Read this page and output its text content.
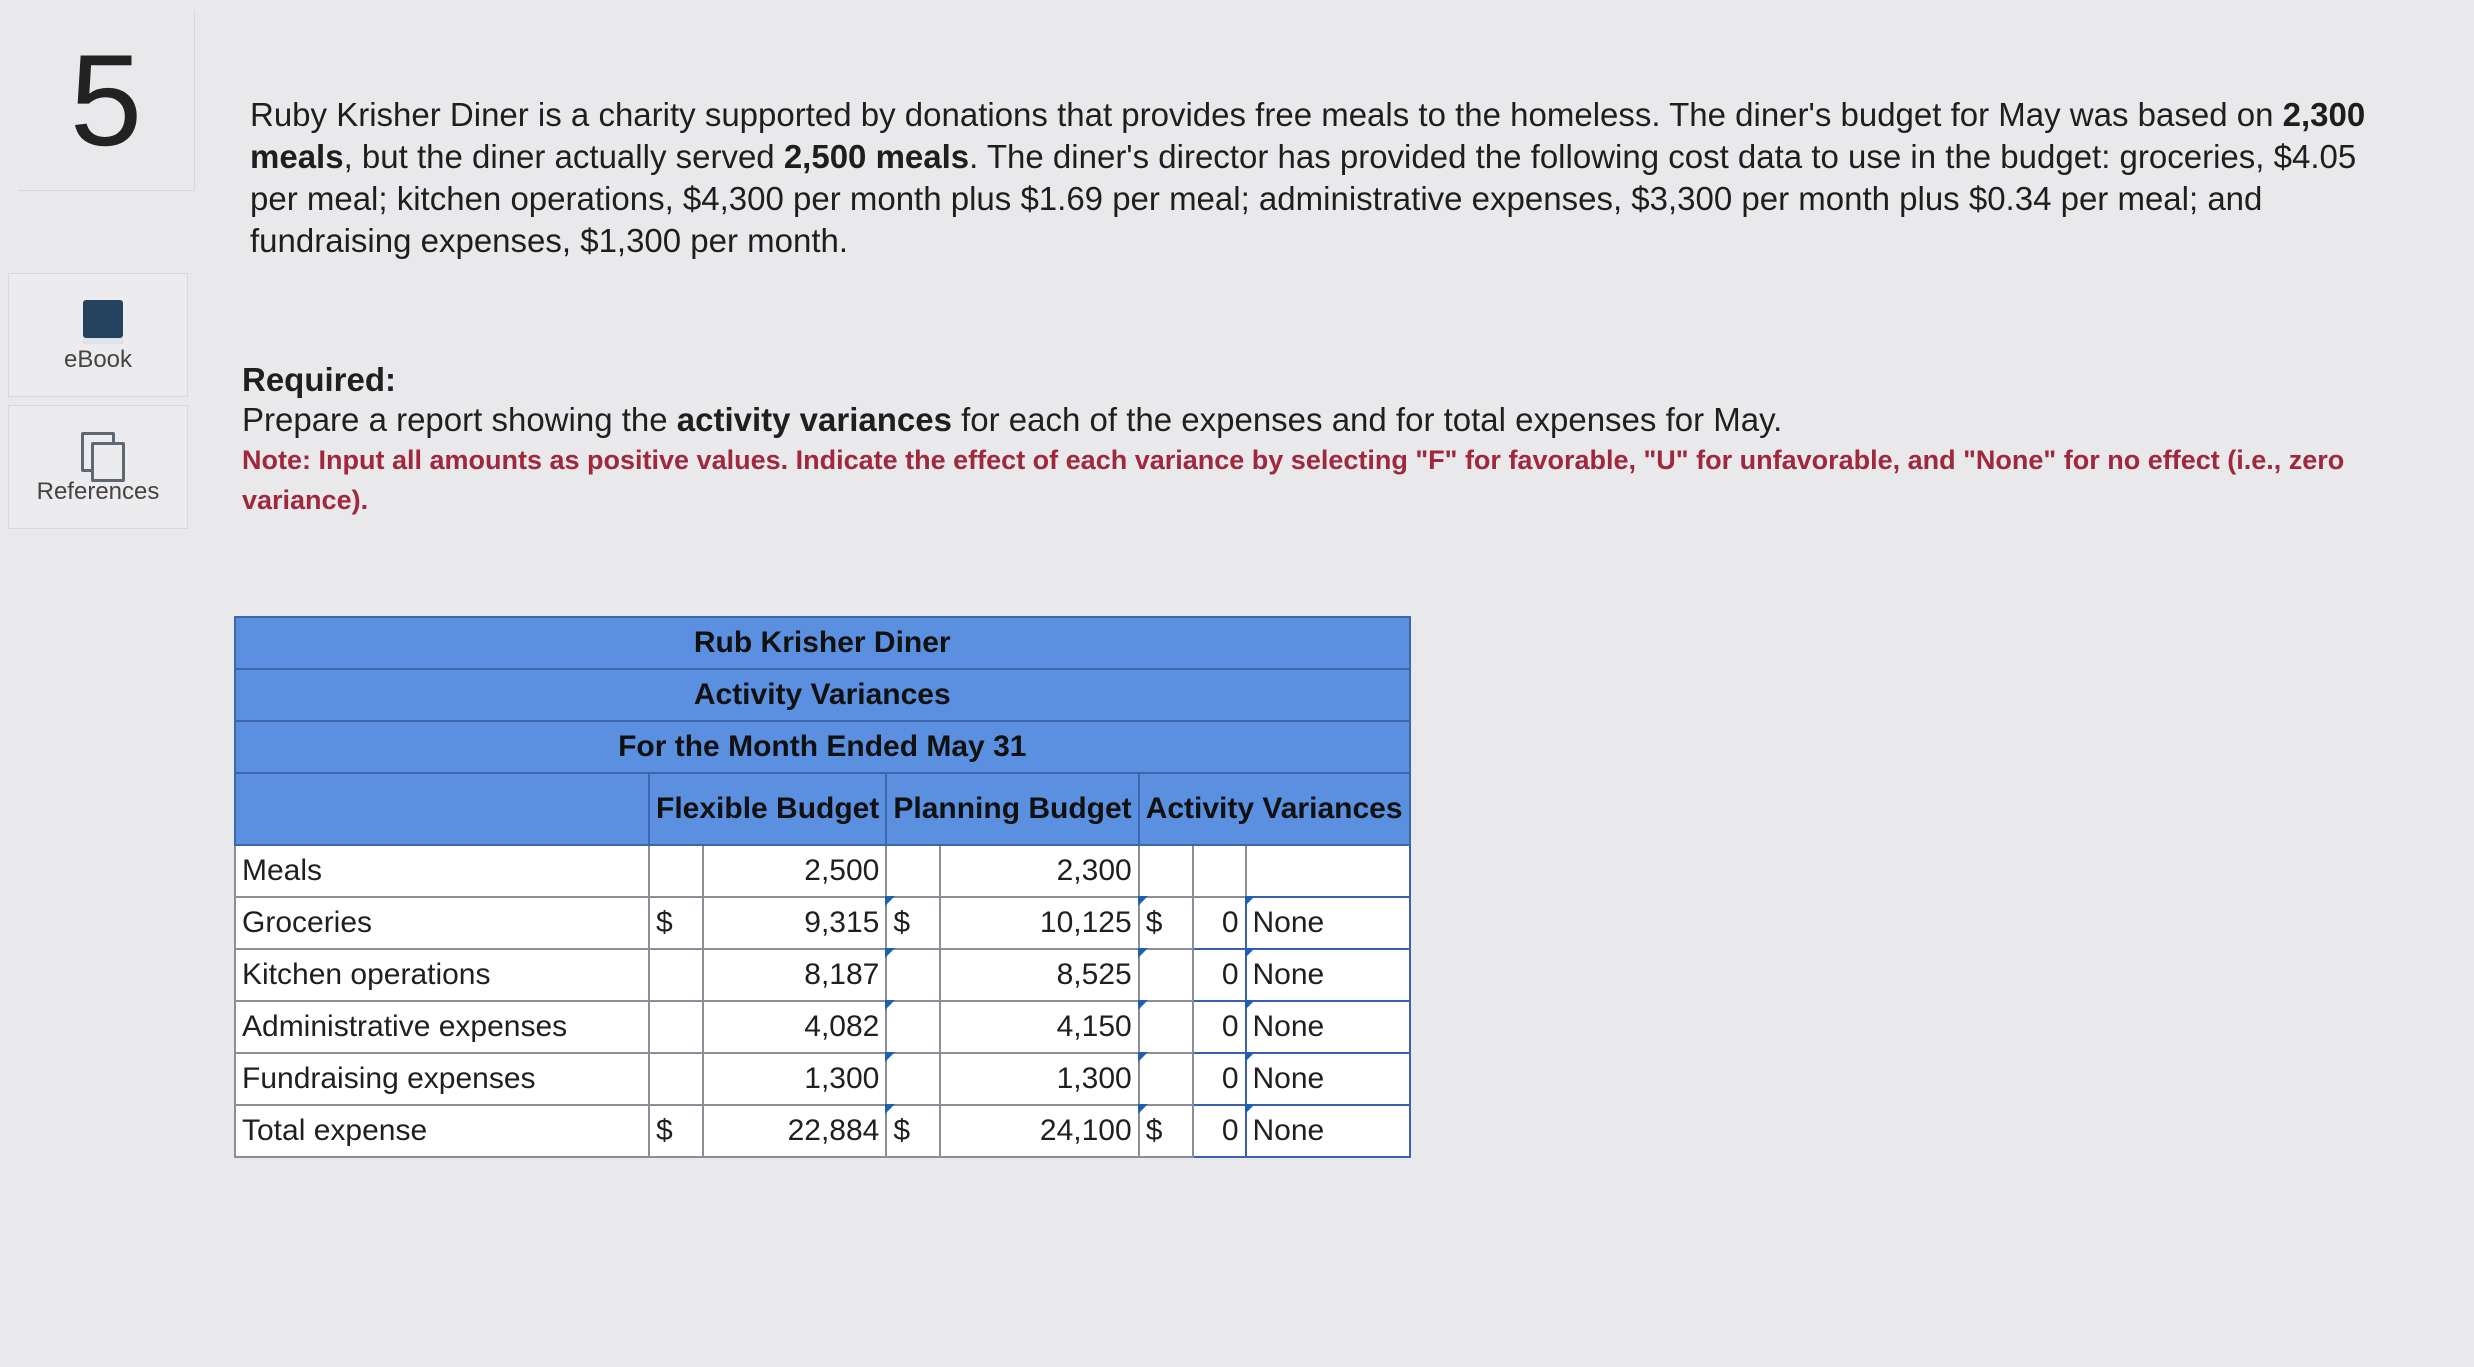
5
eBook
References
Ruby Krisher Diner is a charity supported by donations that provides free meals to the homeless. The diner's budget for May was based on 2,300 meals, but the diner actually served 2,500 meals. The diner's director has provided the following cost data to use in the budget: groceries, $4.05 per meal; kitchen operations, $4,300 per month plus $1.69 per meal; administrative expenses, $3,300 per month plus $0.34 per meal; and fundraising expenses, $1,300 per month.
Required:
Prepare a report showing the activity variances for each of the expenses and for total expenses for May.
Note: Input all amounts as positive values. Indicate the effect of each variance by selecting "F" for favorable, "U" for unfavorable, and "None" for no effect (i.e., zero variance).
Rub Krisher Diner							
Activity Variances							
For the Month Ended May 31							
	Flexible Budget		Planning Budget		Activity Variances		
Meals		2,500		2,300			
Groceries	$	9,315	$	10,125	$	0	None
Kitchen operations		8,187		8,525		0	None
Administrative expenses		4,082		4,150		0	None
Fundraising expenses		1,300		1,300		0	None
Total expense	$	22,884	$	24,100	$	0	None
